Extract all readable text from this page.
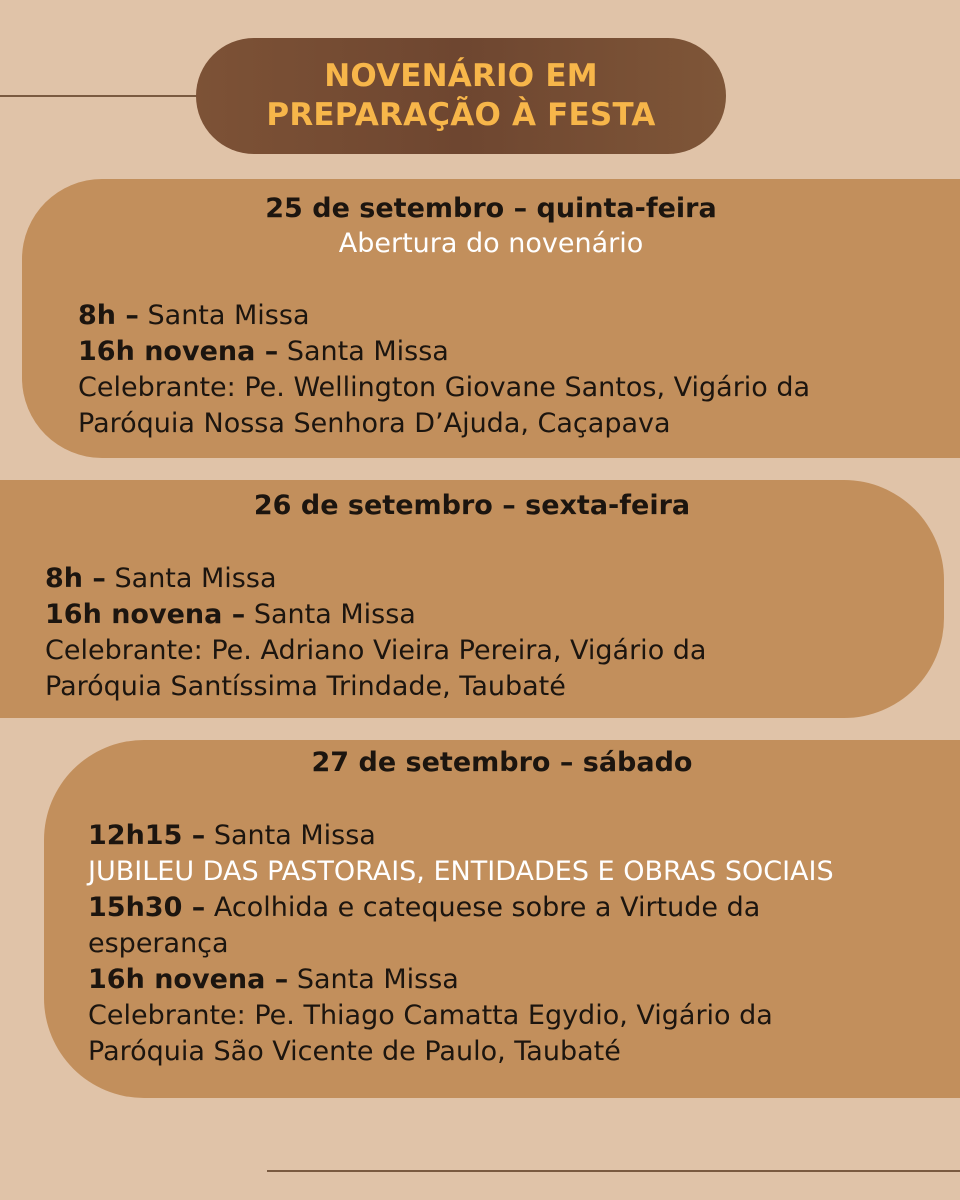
NOVENÁRIO EM
PREPARAÇÃO À FESTA
25 de setembro – quinta-feira
Abertura do novenário
8h – Santa Missa
16h novena – Santa Missa
Celebrante: Pe. Wellington Giovane Santos, Vigário da
Paróquia Nossa Senhora D’Ajuda, Caçapava
26 de setembro – sexta-feira
8h – Santa Missa
16h novena – Santa Missa
Celebrante: Pe. Adriano Vieira Pereira, Vigário da
Paróquia Santíssima Trindade, Taubaté
27 de setembro – sábado
12h15 – Santa Missa
JUBILEU DAS PASTORAIS, ENTIDADES E OBRAS SOCIAIS
15h30 – Acolhida e catequese sobre a Virtude da
esperança
16h novena – Santa Missa
Celebrante: Pe. Thiago Camatta Egydio, Vigário da
Paróquia São Vicente de Paulo, Taubaté
